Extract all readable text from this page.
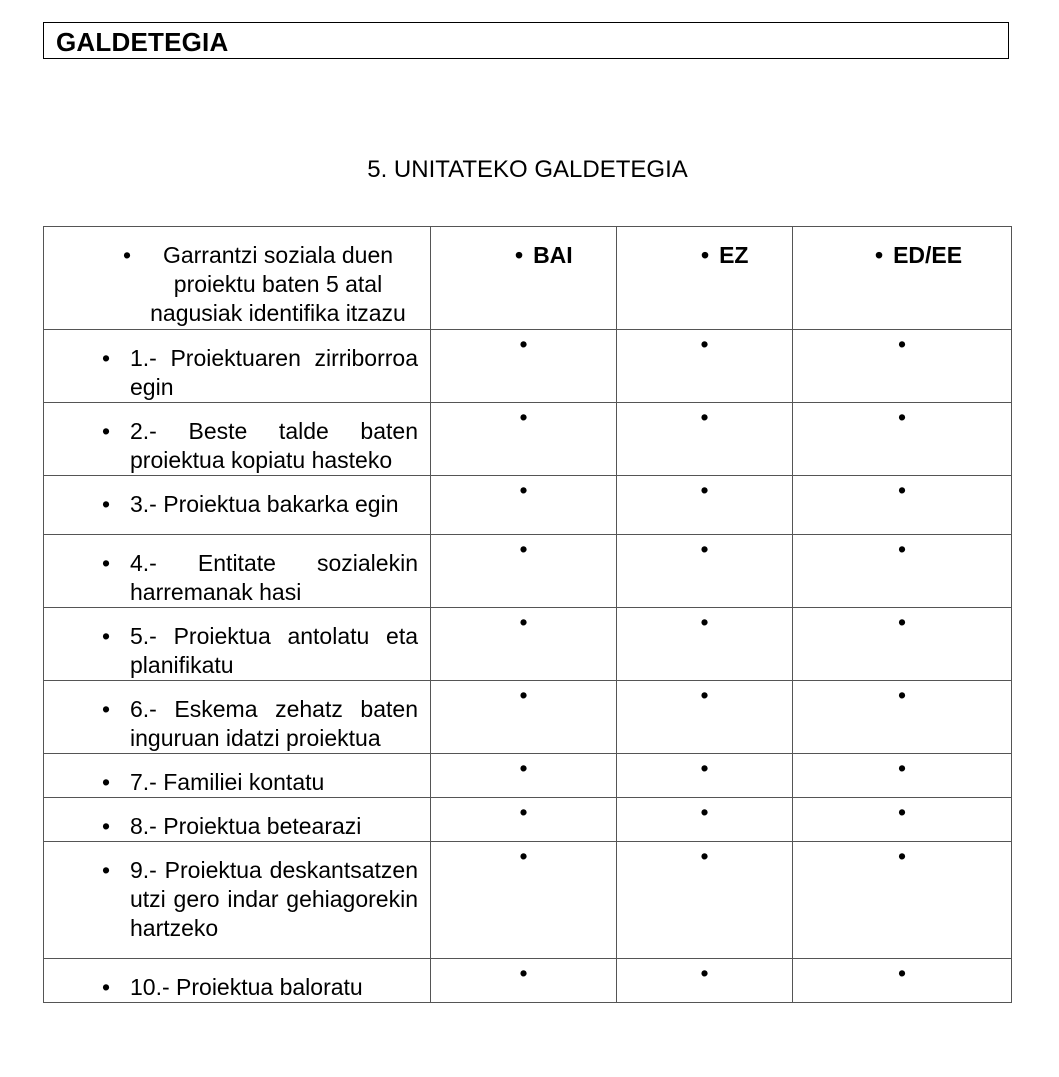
GALDETEGIA
5. UNITATEKO GALDETEGIA
• Garrantzi soziala duen proiektu baten 5 atal nagusiak identifika itzazu	• BAI	• EZ	• ED/EE

• 1.- Proiektuaren zirriborroa egin	•	•	•

• 2.- Beste talde baten proiektua kopiatu hasteko	•	•	•

• 3.- Proiektua bakarka egin	•	•	•

• 4.- Entitate sozialekin harremanak hasi	•	•	•

• 5.- Proiektua antolatu eta planifikatu	•	•	•

• 6.- Eskema zehatz baten inguruan idatzi proiektua	•	•	•

• 7.- Familiei kontatu	•	•	•

• 8.- Proiektua betearazi	•	•	•

• 9.- Proiektua deskantsatzen utzi gero indar gehiagorekin hartzeko	•	•	•

• 10.- Proiektua baloratu	•	•	•
